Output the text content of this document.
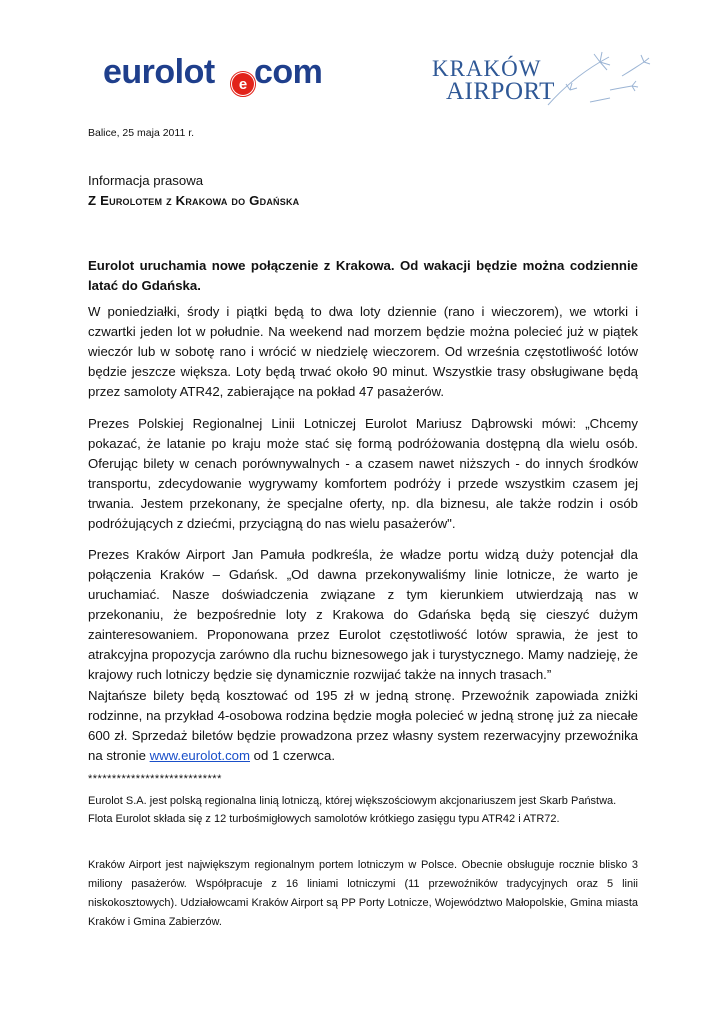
eurolot e com	KRAKÓW
AIRPORT
Balice, 25 maja 2011 r.
Informacja prasowa
Z Eurolotem z Krakowa do Gdańska
Eurolot uruchamia nowe połączenie z Krakowa. Od wakacji będzie można codziennie latać do Gdańska.
W poniedziałki, środy i piątki będą to dwa loty dziennie (rano i wieczorem), we wtorki i czwartki jeden lot w południe. Na weekend nad morzem będzie można polecieć już w piątek wieczór lub w sobotę rano i wrócić w niedzielę wieczorem. Od września częstotliwość lotów będzie jeszcze większa. Loty będą trwać około 90 minut. Wszystkie trasy obsługiwane będą przez samoloty ATR42, zabierające na pokład 47 pasażerów.
Prezes Polskiej Regionalnej Linii Lotniczej Eurolot Mariusz Dąbrowski mówi: „Chcemy pokazać, że latanie po kraju może stać się formą podróżowania dostępną dla wielu osób. Oferując bilety w cenach porównywalnych - a czasem nawet niższych - do innych środków transportu, zdecydowanie wygrywamy komfortem podróży i przede wszystkim czasem jej trwania. Jestem przekonany, że specjalne oferty, np. dla biznesu, ale także rodzin i osób podróżujących z dziećmi, przyciągną do nas wielu pasażerów".
Prezes Kraków Airport Jan Pamuła podkreśla, że władze portu widzą duży potencjał dla połączenia Kraków – Gdańsk. „Od dawna przekonywaliśmy linie lotnicze, że warto je uruchamiać. Nasze doświadczenia związane z tym kierunkiem utwierdzają nas w przekonaniu, że bezpośrednie loty z Krakowa do Gdańska będą się cieszyć dużym zainteresowaniem. Proponowana przez Eurolot częstotliwość lotów sprawia, że jest to atrakcyjna propozycja zarówno dla ruchu biznesowego jak i turystycznego. Mamy nadzieję, że krajowy ruch lotniczy będzie się dynamicznie rozwijać także na innych trasach.”
Najtańsze bilety będą kosztować od 195 zł w jedną stronę. Przewoźnik zapowiada zniżki rodzinne, na przykład 4-osobowa rodzina będzie mogła polecieć w jedną stronę już za niecałe 600 zł. Sprzedaż biletów będzie prowadzona przez własny system rezerwacyjny przewoźnika na stronie www.eurolot.com od 1 czerwca.
****************************
Eurolot S.A. jest polską regionalna linią lotniczą, której większościowym akcjonariuszem jest Skarb Państwa. Flota Eurolot składa się z 12 turbośmigłowych samolotów krótkiego zasięgu typu ATR42 i ATR72.
Kraków Airport jest największym regionalnym portem lotniczym w Polsce. Obecnie obsługuje rocznie blisko 3 miliony pasażerów. Współpracuje z 16 liniami lotniczymi (11 przewoźników tradycyjnych oraz 5 linii niskokosztowych). Udziałowcami Kraków Airport są PP Porty Lotnicze, Województwo Małopolskie, Gmina miasta Kraków i Gmina Zabierzów.
